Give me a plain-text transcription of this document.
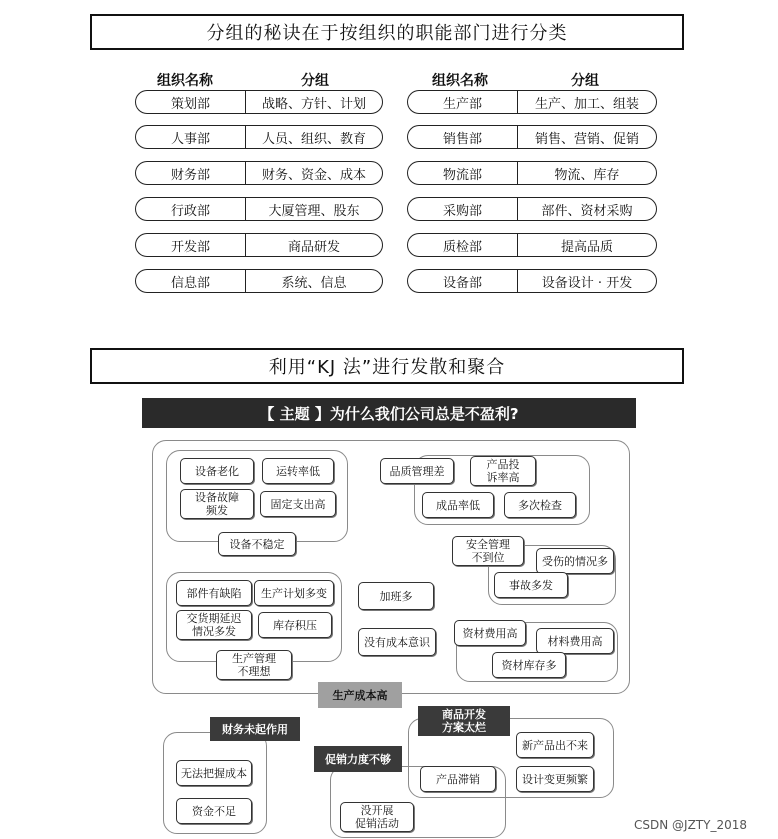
分组的秘诀在于按组织的职能部门进行分类
组织名称	分组	组织名称	分组
策划部	战略、方针、计划
人事部	人员、组织、教育
财务部	财务、资金、成本
行政部	大厦管理、股东
开发部	商品研发
信息部	系统、信息
生产部	生产、加工、组装
销售部	销售、营销、促销
物流部	物流、库存
采购部	部件、资材采购
质检部	提高品质
设备部	设备设计 · 开发
利用“KJ 法”进行发散和聚合
【 主题 】为什么我们公司总是不盈利?
设备老化	运转率低
设备故障
频发	固定支出高
设备不稳定
品质管理差	产品投
诉率高
成品率低	多次检查
安全管理
不到位	受伤的情况多
事故多发
部件有缺陷	生产计划多变
交货期延迟
情况多发	库存积压
生产管理
不理想
加班多
没有成本意识
资材费用高
材料费用高
资材库存多
生产成本高
财务未起作用
商品开发
方案太烂
促销力度不够
无法把握成本
资金不足
新产品出不来
产品滞销	设计变更频繁
没开展
促销活动	CSDN @JZTY_2018
